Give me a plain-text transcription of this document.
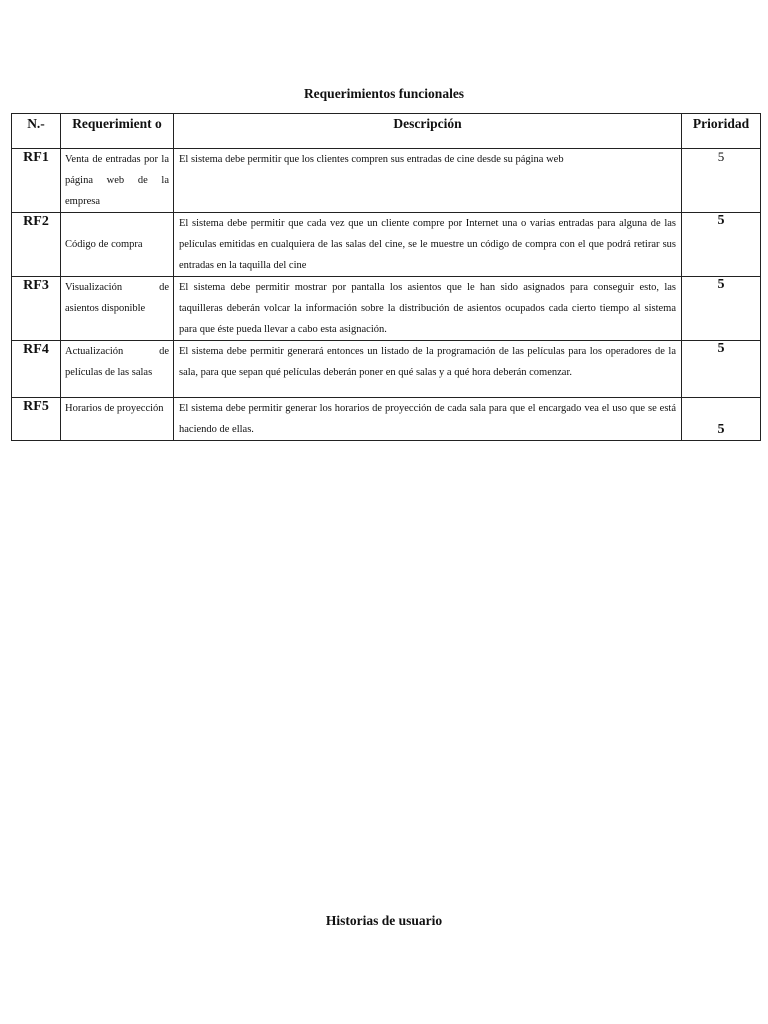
Requerimientos funcionales
N.-	Requerimient o	Descripción	Prioridad
RF1	Venta de entradas por la página web de la empresa	El sistema debe permitir que los clientes compren sus entradas de cine desde su página web	5
RF2	Código de compra	El sistema debe permitir que cada vez que un cliente compre por Internet una o varias entradas para alguna de las películas emitidas en cualquiera de las salas del cine, se le muestre un código de compra con el que podrá retirar sus entradas en la taquilla del cine	5
RF3	Visualización de asientos disponible	El sistema debe permitir mostrar por pantalla los asientos que le han sido asignados para conseguir esto, las taquilleras deberán volcar la información sobre la distribución de asientos ocupados cada cierto tiempo al sistema para que éste pueda llevar a cabo esta asignación.	5
RF4	Actualización de películas de las salas	El sistema debe permitir generará entonces un listado de la programación de las películas para los operadores de la sala, para que sepan qué películas deberán poner en qué salas y a qué hora deberán comenzar.	5
RF5	Horarios de proyección	El sistema debe permitir generar los horarios de proyección de cada sala para que el encargado vea el uso que se está haciendo de ellas.	5
Historias de usuario
